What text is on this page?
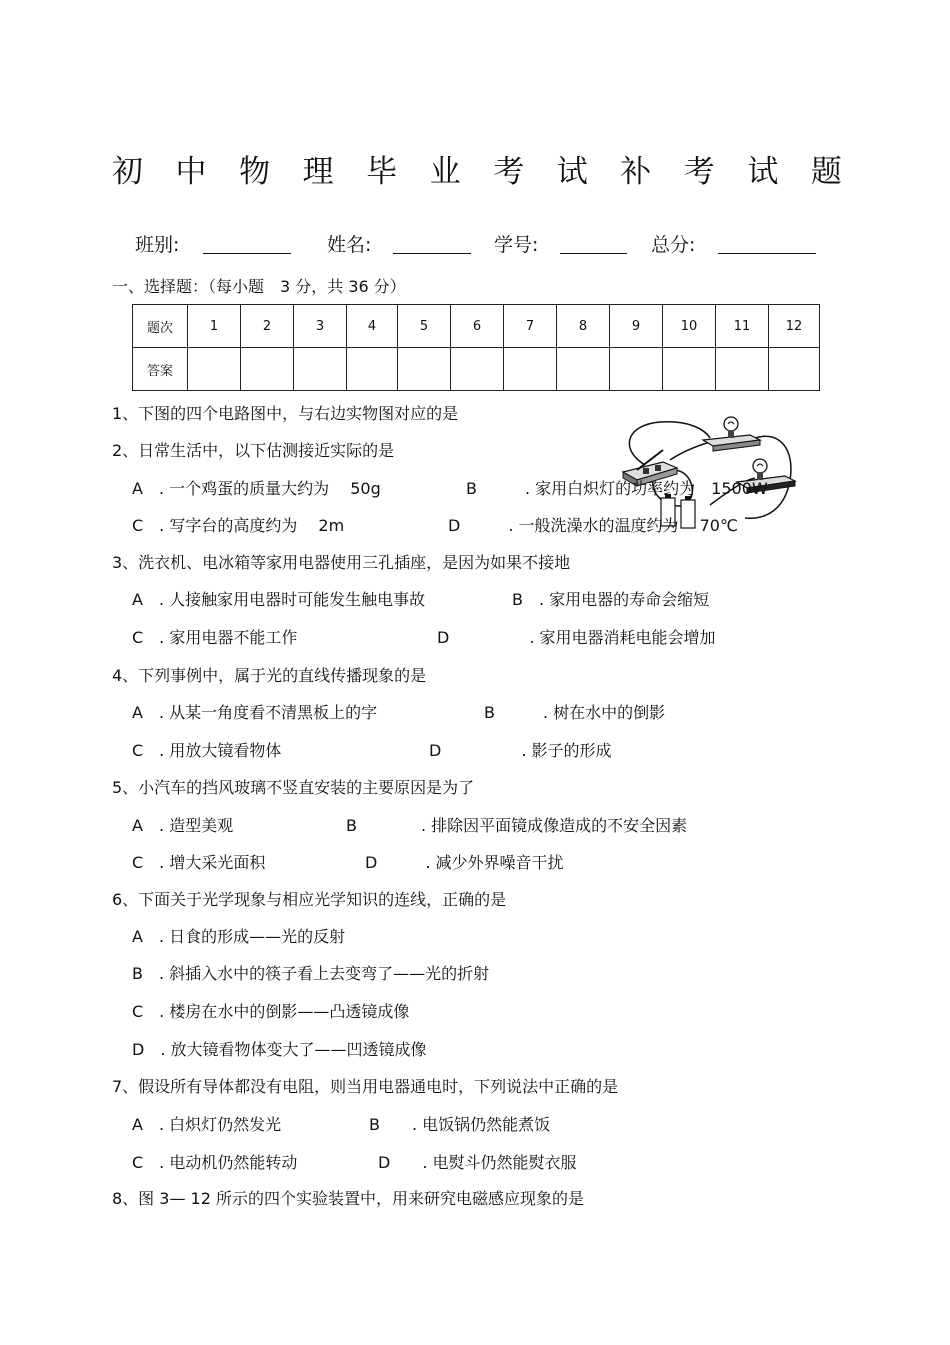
初 中 物 理 毕 业 考 试 补 考 试 题
班别:	姓名:	学号:	总分:
一、选择题：（每小题　3 分，共 36 分）
题次	1	2	3	4	5	6	7	8	9	10	11	12
答案												
1、下图的四个电路图中，与右边实物图对应的是
2、日常生活中，以下估测接近实际的是
A　. 一个鸡蛋的质量大约为　 50g	B　　　. 家用白炽灯的功率约为　1500W
C　. 写字台的高度约为　 2m	D　　　. 一般洗澡水的温度约为　 70℃
3、洗衣机、电冰箱等家用电器使用三孔插座，是因为如果不接地
A　. 人接触家用电器时可能发生触电事故	B　. 家用电器的寿命会缩短
C　. 家用电器不能工作	D　　　　　. 家用电器消耗电能会增加
4、下列事例中，属于光的直线传播现象的是
A　. 从某一角度看不清黑板上的字	B　　　. 树在水中的倒影
C　. 用放大镜看物体	D　　　　　. 影子的形成
5、小汽车的挡风玻璃不竖直安装的主要原因是为了
A　. 造型美观	B　　　　. 排除因平面镜成像造成的不安全因素
C　. 增大采光面积	D　　　. 减少外界噪音干扰
6、下面关于光学现象与相应光学知识的连线，正确的是
A　. 日食的形成——光的反射
B　. 斜插入水中的筷子看上去变弯了——光的折射
C　. 楼房在水中的倒影——凸透镜成像
D　. 放大镜看物体变大了——凹透镜成像
7、假设所有导体都没有电阻，则当用电器通电时，下列说法中正确的是
A　. 白炽灯仍然发光	B　　. 电饭锅仍然能煮饭
C　. 电动机仍然能转动	D　　. 电熨斗仍然能熨衣服
8、图 3— 12 所示的四个实验装置中，用来研究电磁感应现象的是
